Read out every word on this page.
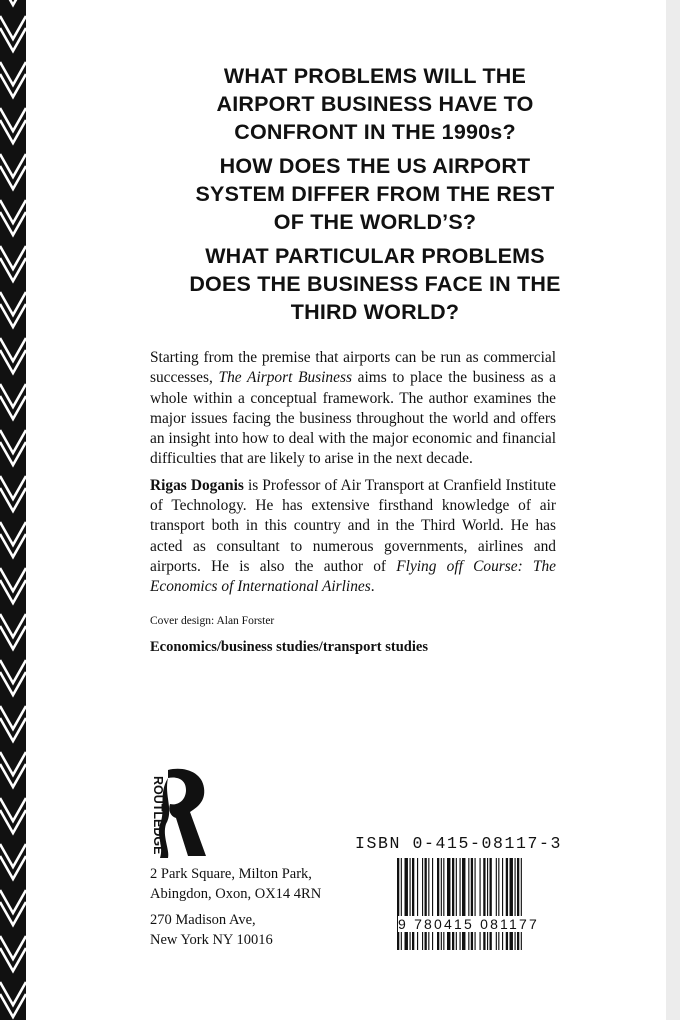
WHAT PROBLEMS WILL THE
AIRPORT BUSINESS HAVE TO
CONFRONT IN THE 1990s?

HOW DOES THE US AIRPORT
SYSTEM DIFFER FROM THE REST
OF THE WORLD’S?

WHAT PARTICULAR PROBLEMS
DOES THE BUSINESS FACE IN THE
THIRD WORLD?

Starting from the premise that airports can be run as commercial successes, The Airport Business aims to place the business as a whole within a conceptual framework. The author examines the major issues facing the business throughout the world and offers an insight into how to deal with the major economic and financial difficulties that are likely to arise in the next decade.

Rigas Doganis is Professor of Air Transport at Cranfield Institute of Technology. He has extensive firsthand knowledge of air transport both in this country and in the Third World. He has acted as consultant to numerous governments, airlines and airports. He is also the author of Flying off Course: The Economics of International Airlines.

Cover design: Alan Forster
Economics/business studies/transport studies
ROUTLEDGE
2 Park Square, Milton Park,
Abingdon, Oxon, OX14 4RN
270 Madison Ave,
New York NY 10016
ISBN 0-415-08117-3
9 780415 081177
